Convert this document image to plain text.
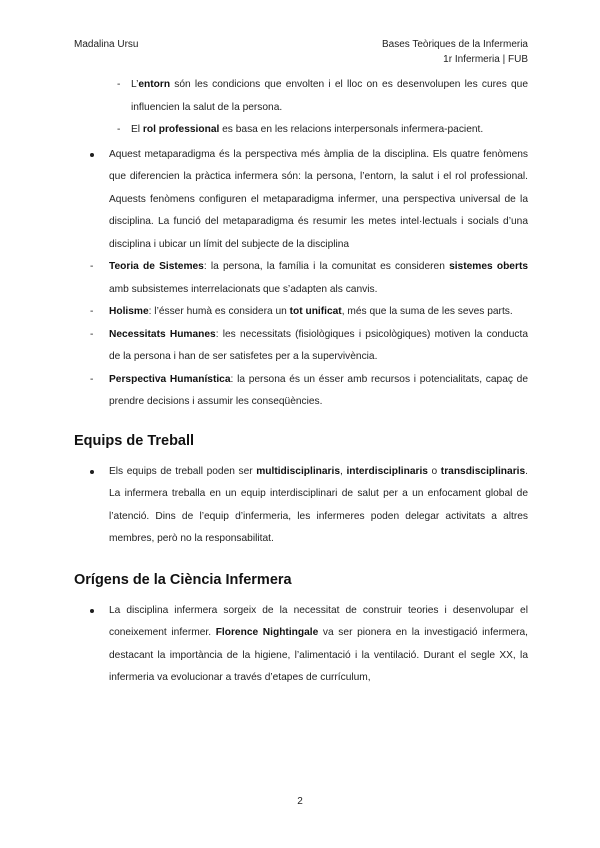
Madalina Ursu	Bases Teòriques de la Infermeria
1r Infermeria | FUB
-	L’entorn són les condicions que envolten i el lloc on es desenvolupen les cures que influencien la salut de la persona.
-	El rol professional es basa en les relacions interpersonals infermera-pacient.
Aquest metaparadigma és la perspectiva més àmplia de la disciplina. Els quatre fenòmens que diferencien la pràctica infermera són: la persona, l’entorn, la salut i el rol professional. Aquests fenòmens configuren el metaparadigma infermer, una perspectiva universal de la disciplina. La funció del metaparadigma és resumir les metes intel·lectuals i socials d’una disciplina i ubicar un límit del subjecte de la disciplina
- Teoria de Sistemes: la persona, la família i la comunitat es consideren sistemes oberts amb subsistemes interrelacionats que s’adapten als canvis.
- Holisme: l’ésser humà es considera un tot unificat, més que la suma de les seves parts.
- Necessitats Humanes: les necessitats (fisiològiques i psicològiques) motiven la conducta de la persona i han de ser satisfetes per a la supervivència.
- Perspectiva Humanística: la persona és un ésser amb recursos i potencialitats, capaç de prendre decisions i assumir les conseqüències.
Equips de Treball
Els equips de treball poden ser multidisciplinaris, interdisciplinaris o transdisciplinaris. La infermera treballa en un equip interdisciplinari de salut per a un enfocament global de l’atenció. Dins de l’equip d’infermeria, les infermeres poden delegar activitats a altres membres, però no la responsabilitat.
Orígens de la Ciència Infermera
La disciplina infermera sorgeix de la necessitat de construir teories i desenvolupar el coneixement infermer. Florence Nightingale va ser pionera en la investigació infermera, destacant la importància de la higiene, l’alimentació i la ventilació. Durant el segle XX, la infermeria va evolucionar a través d’etapes de currículum,
2
